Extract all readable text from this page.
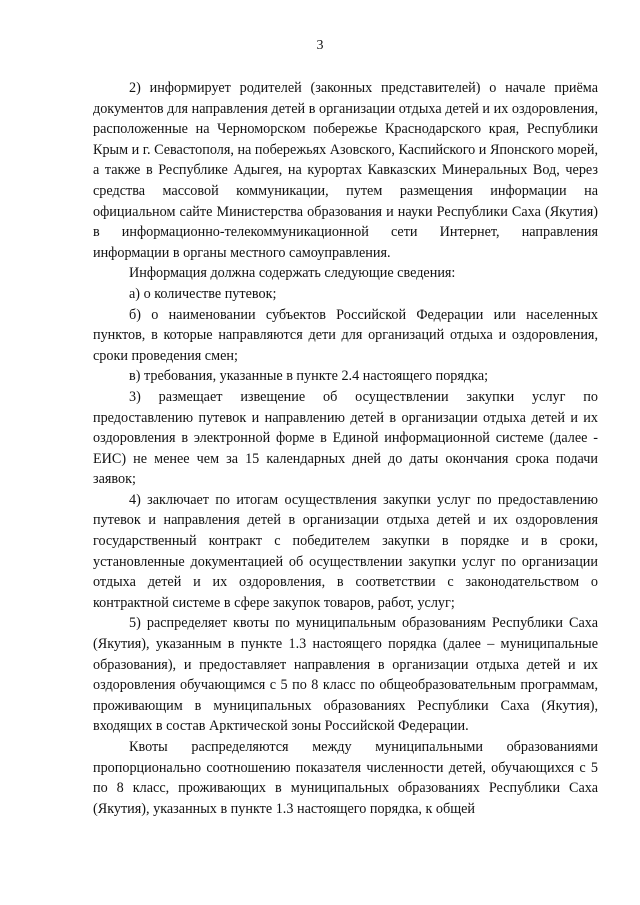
3

2) информирует родителей (законных представителей) о начале приёма документов для направления детей в организации отдыха детей и их оздоровления, расположенные на Черноморском побережье Краснодарского края, Республики Крым и г. Севастополя, на побережьях Азовского, Каспийского и Японского морей, а также в Республике Адыгея, на курортах Кавказских Минеральных Вод, через средства массовой коммуникации, путем размещения информации на официальном сайте Министерства образования и науки Республики Саха (Якутия) в информационно-телекоммуникационной сети Интернет, направления информации в органы местного самоуправления.

Информация должна содержать следующие сведения:

а) о количестве путевок;

б) о наименовании субъектов Российской Федерации или населенных пунктов, в которые направляются дети для организаций отдыха и оздоровления, сроки проведения смен;

в) требования, указанные в пункте 2.4 настоящего порядка;

3) размещает извещение об осуществлении закупки услуг по предоставлению путевок и направлению детей в организации отдыха детей и их оздоровления в электронной форме в Единой информационной системе (далее - ЕИС) не менее чем за 15 календарных дней до даты окончания срока подачи заявок;

4) заключает по итогам осуществления закупки услуг по предоставлению путевок и направления детей в организации отдыха детей и их оздоровления государственный контракт с победителем закупки в порядке и в сроки, установленные документацией об осуществлении закупки услуг по организации отдыха детей и их оздоровления, в соответствии с законодательством о контрактной системе в сфере закупок товаров, работ, услуг;

5) распределяет квоты по муниципальным образованиям Республики Саха (Якутия), указанным в пункте 1.3 настоящего порядка (далее – муниципальные образования), и предоставляет направления в организации отдыха детей и их оздоровления обучающимся с 5 по 8 класс по общеобразовательным программам, проживающим в муниципальных образованиях Республики Саха (Якутия), входящих в состав Арктической зоны Российской Федерации.

Квоты распределяются между муниципальными образованиями пропорционально соотношению показателя численности детей, обучающихся с 5 по 8 класс, проживающих в муниципальных образованиях Республики Саха (Якутия), указанных в пункте 1.3 настоящего порядка, к общей
